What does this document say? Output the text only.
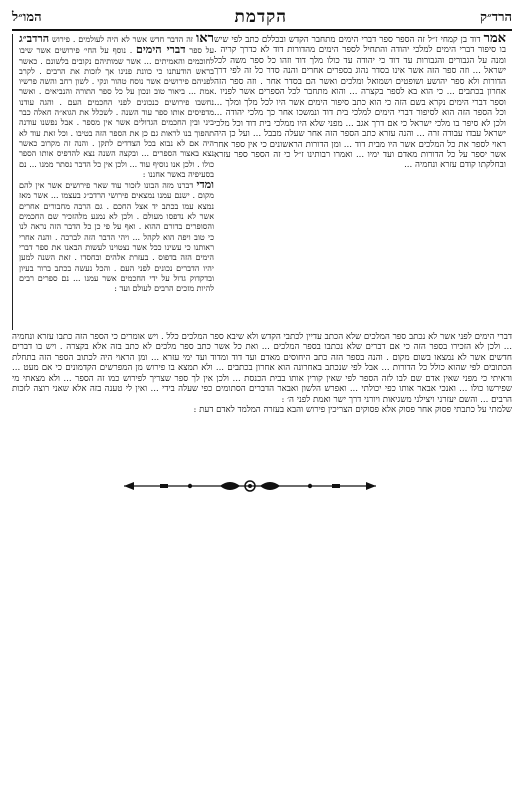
הרד״ק
הקדמת
המו״ל
אמר דוד בן קמחי ז״ל זה הספר ספר דברי הימים מתחבר הקדש ובכללם כתב לפי שיש בו סיפור דברי הימים למלכי יהודה והתחיל לספר הימים מהדורות דוד לא כדרך קריה . ומנה על הגבורים והגבורות עד דוד כי יהודה עד כולו מלך דוד וזהו כל ספר משה לכל ישראל ... וזה ספר הזה אשר אינו בסדר נהוג בספרים אחרים והנה סדר כל זה לפי דרך הדורות ולא ספר יהושע ושופטים ושמואל ומלכים ואשר הם בסדר אחר . וזה ספר הזה אחרון בכתבים ... כי הוא בא לספר בקצרה ... והוא מתחבר לכל הספרים אשר לפניו . וספר דברי הימים נקרא בשם הזה כי הוא כתב סיפור הימים אשר היו לכל מלך ומלך ... וכל הספר הזה הוא לסיפור דברי הימים למלכי בית דוד ונמשכו אחר כך מלכי יהודה ... ולכן לא סיפר בו מלכי ישראל כי אם דרך אגב ... מפני שלא היו ממלכי בית דוד וכל מלכי ישראל עבדו עבודה זרה ... והנה עזרא כתב הספר הזה אחר שעלה מבבל ... ועל כן היה ראוי לספר את כל המלכים אשר היו מבית דוד ... ומן הדורות הראשונים כי אין ספר אחר אשר יספר על כל הדורות מאדם ועד ימיו ... ואמרו רבותינו ז״ל כי זה הספר ספר עזרא ובחלקתו קודם עזרא ונחמיה ...
ראו זה הדבר חדש אשר לא היה לעולמים . פירוש הרדב״ג על ספר דברי הימים . נוסף על החי׳ פירושים אשר שיבו לחוכמים והאמיתים ... אשר שמותיהם נקובים בלשונם . כאשר בראש הודעתנו כי כוונת פנינו אך לזכות את הרבים . לקרב לפניהם פירושים אשר נוסח טהור ונקי . לשון רחב והשה פרשיו אמת ... ביאור טוב ונכון על כל ספר התורה והנביאים . ואשר נחשבו פירושים כנכונים לפני החכמים העם . והגה עודנו מדפיסים אותו ספר עוד השנה . לשכלל את הגוא״ה חאלה כבר ביני ובין החכמים הגדולים אשר אין מספר . אבל נפשנו עודנה תהפוך בנו לראות גם כן את הספר הזה בטיבו . וכל זאת עוד לא היה אם לא נבוא בכל הצדדים לתקן . והנה זה מקרוב כאשר נצא באצור הספרים ... ובקצה השנה נצא להדפיס אותו הספר כולו . ולכן אנו נוסיף עוד ... ולכן אין כל הדבר נסתר ממנו ... נם בסעיפיה באשר אחננו :
ומדי דברנו מזה הבונו לזכור עוד שאר פירושים אשר אין להם מקום . ישנם עמנו נמצאים פירושי הרדב״ג בעצמו ... אשר מאז נמצא עמו בכתב יד אצל החכם . גם הרבה מחבורים אחרים אשר לא נדפסו מעולם . ולכן לא נמנע מלהזכיר שם החכמים והסופרים בדורם ההוא . ואף על פי כן כל הדבר הזה נראה לנו כי טוב ויפה הוא לקהל ... ויהי הדבר הזה לברכה . והנה אחרי ראותנו כי עשינו ככל אשר נצטוינו לעשות הבאנו את ספר דברי הימים הזה בדפוס . בעזרת אלהים ובחסדו . זאת השנה למען יהיו הדברים נכונים לפני העם . והכל נעשה בכתב ברור בעיון ובדקדוק גדול על ידי החכמים אשר עמנו ... נם ספרים רבים להיות מזכים הרבים לעולם ועד :
דברי הימים לפני אשר לא נכתב ספר המלכים שלא הכתב עדיין לכתבי הקדש ולא שיבא ספר המלכים כלל . ויש אומרים כי הספר הזה כתבו עזרא ונחמיה ... ולכן לא הזכירו בספר הזה כי אם דברים שלא נכתבו בספר המלכים ... ואת כל אשר כתב ספר מלכים לא כתב בזה אלא בקצרה . ויש בו דברים חדשים אשר לא נמצאו בשום מקום . והנה בספר הזה כתב היחוסים מאדם ועד דוד ומדוד ועד ימי עזרא ... ומן הראוי היה לכתוב הספר הזה בתחלת הכתובים לפי שהוא כולל כל הדורות ... אבל לפי שנכתב באחרונה הוא אחרון בכתבים ... ולא תמצא בו פירוש מן המפרשים הקדמונים כי אם מעט ... וראיתי כי מפני שאין אדם שם לבו לזה הספר לפי שאין קורין אותו בבית הכנסת ... ולכן אין לך ספר שצריך לפירוש כמו זה הספר ... ולא מצאתי מי שפירשו כולו ... ואנכי אבאר אותו כפי יכולתי ... ואפרש הלשון ואבאר הדברים הסתומים כפי שעלה בידי ... ואין לי טענה בזה אלא שאני רוצה לזכות הרבים ... והשם יעזרני ויצילני משגיאות ויורני דרך ישר ואמת לפני ה׳ :
שלמתי על כתבתי פסוק אחר פסוק אלא פסוקים הצריכין פירוש והבא בעזרה המלמד לאדם דעת :
